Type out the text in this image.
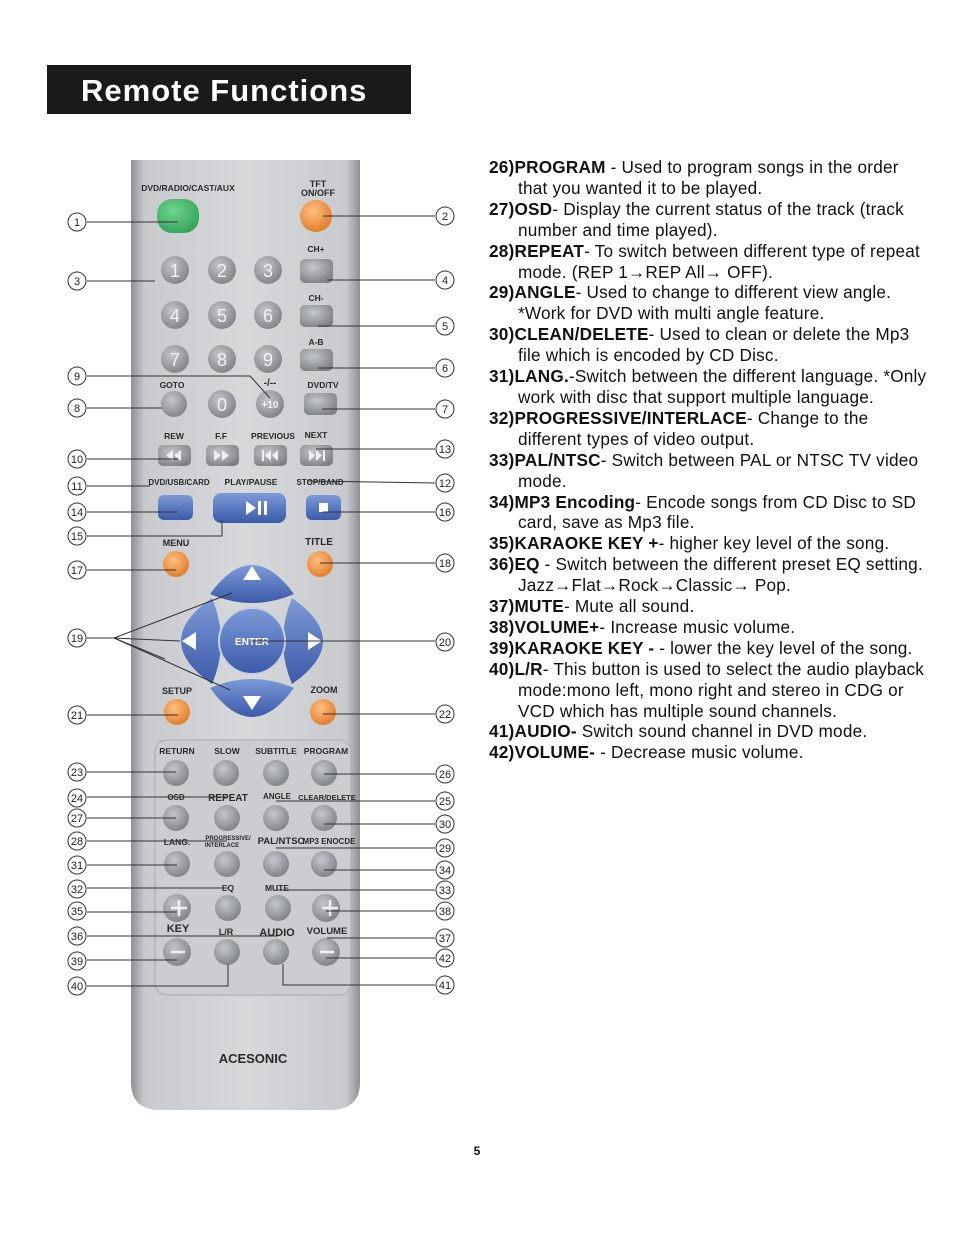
Remote Functions
DVD/RADIO/CAST/AUX	TFT
ON/OFF
1 2 3
4 5 6
7 8 9
0
CH+
CH-
A-B
DVD/TV
GOTO	-/--
+10
REW	F.F	PREVIOUS NEXT
DVD/USB/CARD PLAY/PAUSE STOP/BAND
MENU	TITLE
ENTER
SETUP	ZOOM
RETURN SLOW SUBTITLE PROGRAM
OSD REPEAT ANGLE CLEAR/DELETE
LANG.	PROGRESSIVE/
INTERLACE PAL/NTSC
MP3 ENOCDE
EQ	MUTE
KEY	L/R AUDIO VOLUME
ACESONIC
1
3
9
8
10
11
14
15
17
19
21
23
24
27
28
31
32
35
36
39
40
2
4
5
6
7
13
12
16
18
20
22
26
25
30
29
34
33
38
37
42
41
26)PROGRAM - Used to program songs in the order that you wanted it to be played.
27)OSD- Display the current status of the track (track number and time played).
28)REPEAT- To switch between different type of repeat mode. (REP 1→REP All→ OFF).
29)ANGLE- Used to change to different view angle. *Work for DVD with multi angle feature.
30)CLEAN/DELETE- Used to clean or delete the Mp3 file which is encoded by CD Disc.
31)LANG.-Switch between the different language. *Only work with disc that support multiple language.
32)PROGRESSIVE/INTERLACE- Change to the different types of video output.
33)PAL/NTSC- Switch between PAL or NTSC TV video mode.
34)MP3 Encoding- Encode songs from CD Disc to SD card, save as Mp3 file.
35)KARAOKE KEY +- higher key level of the song.
36)EQ - Switch between the different preset EQ setting. Jazz→Flat→Rock→Classic→ Pop.
37)MUTE- Mute all sound.
38)VOLUME+- Increase music volume.
39)KARAOKE KEY - - lower the key level of the song.
40)L/R- This button is used to select the audio playback mode:mono left, mono right and stereo in CDG or VCD which has multiple sound channels.
41)AUDIO- Switch sound channel in DVD mode.
42)VOLUME- - Decrease music volume.
5
